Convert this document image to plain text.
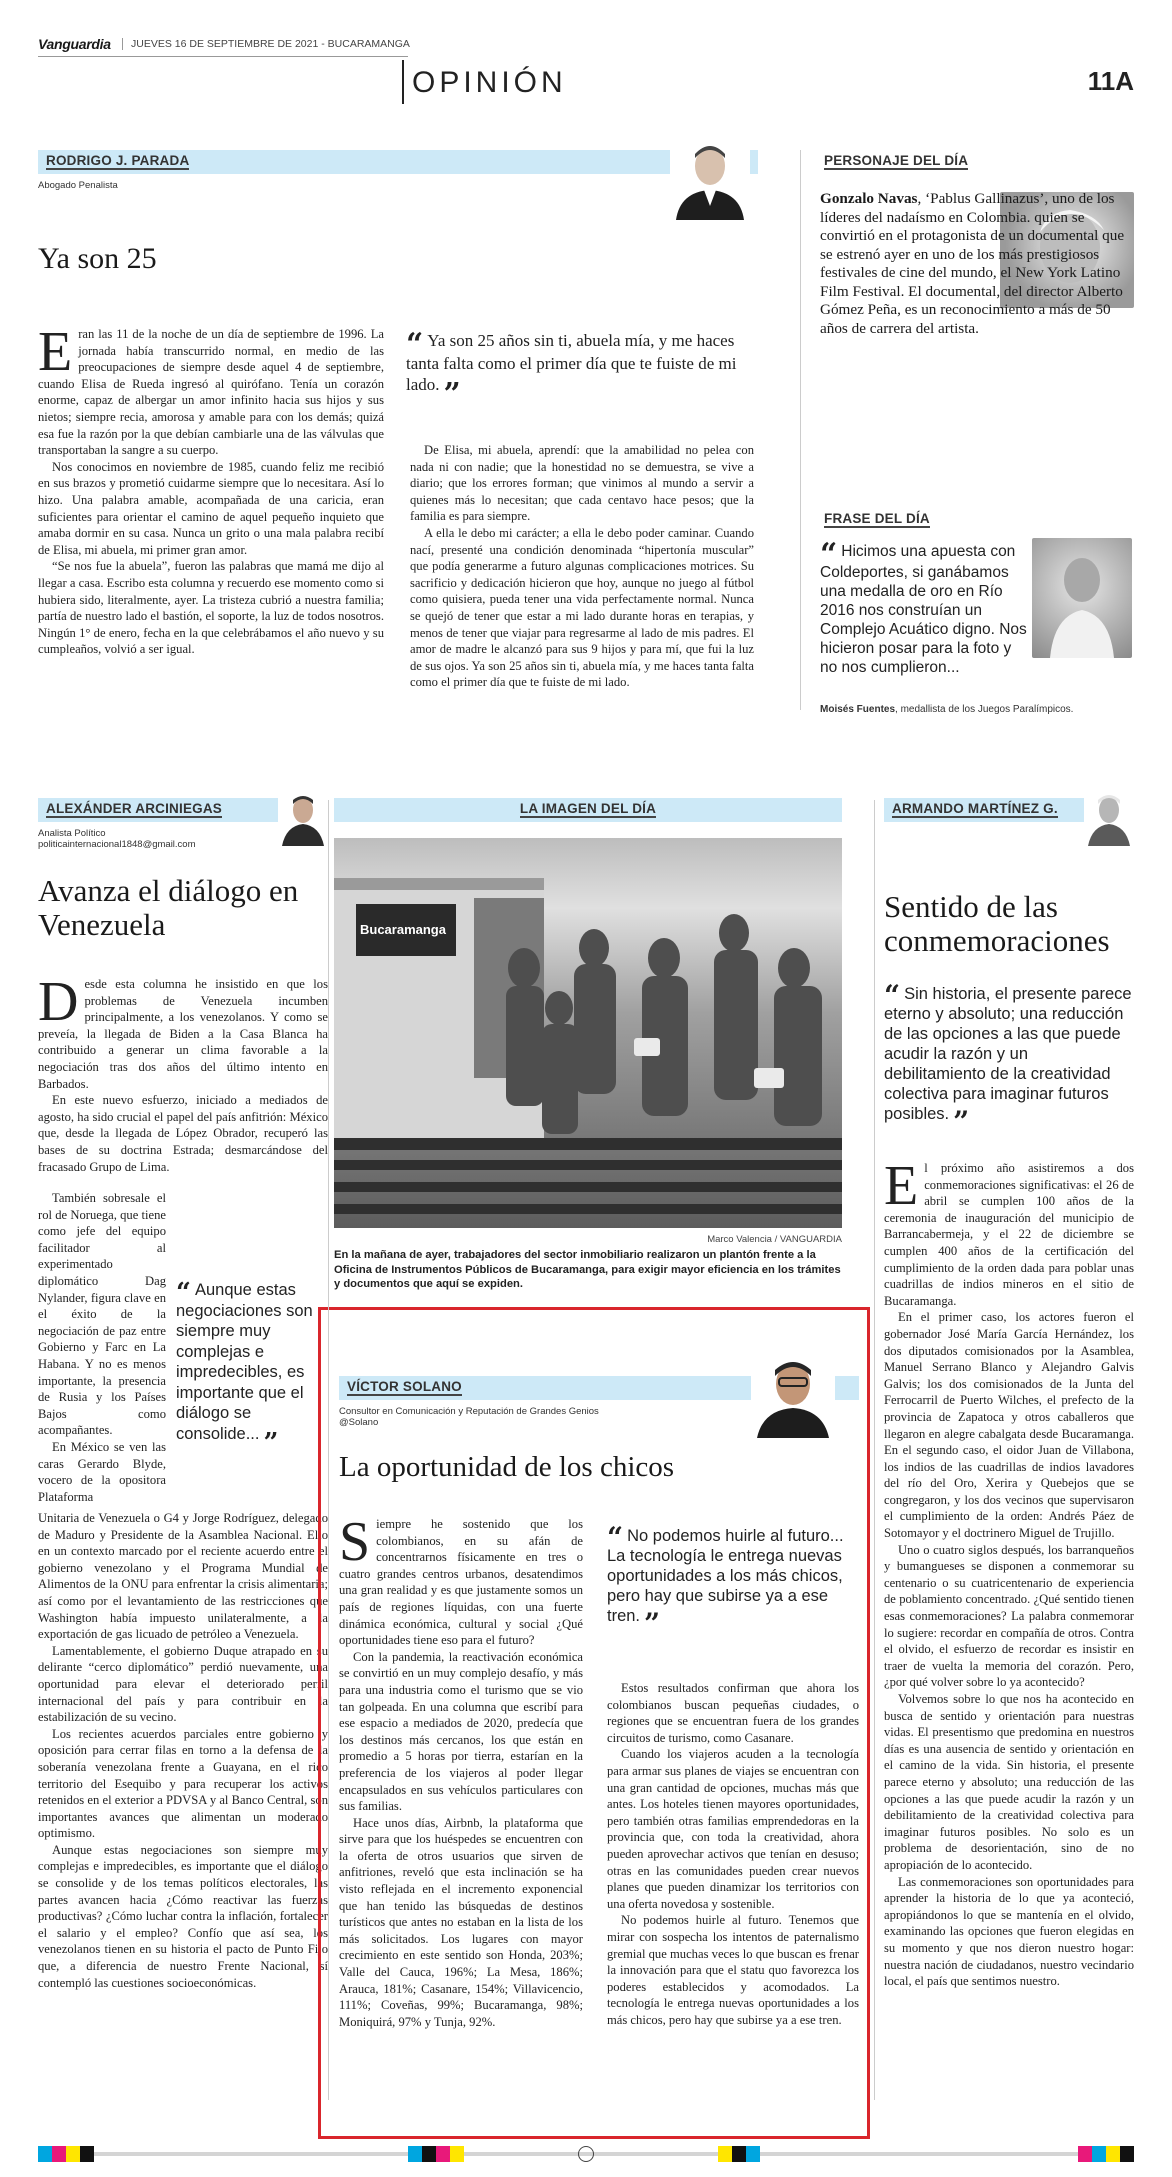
Vanguardia	JUEVES 16 DE SEPTIEMBRE DE 2021 - BUCARAMANGA
OPINIÓN	11A
RODRIGO J. PARADA
Abogado Penalista
Ya son 25

Eran las 11 de la noche de un día de septiembre de 1996. La jornada había transcurrido normal, en medio de las preocupaciones de siempre desde aquel 4 de septiembre, cuando Elisa de Rueda ingresó al quirófano. Tenía un corazón enorme, capaz de albergar un amor infinito hacia sus hijos y sus nietos; siempre recia, amorosa y amable para con los demás; quizá esa fue la razón por la que debían cambiarle una de las válvulas que transportaban la sangre a su cuerpo.

Nos conocimos en noviembre de 1985, cuando feliz me recibió en sus brazos y prometió cuidarme siempre que lo necesitara. Así lo hizo. Una palabra amable, acompañada de una caricia, eran suficientes para orientar el camino de aquel pequeño inquieto que amaba dormir en su casa. Nunca un grito o una mala palabra recibí de Elisa, mi abuela, mi primer gran amor.

“Se nos fue la abuela”, fueron las palabras que mamá me dijo al llegar a casa. Escribo esta columna y recuerdo ese momento como si hubiera sido, literalmente, ayer. La tristeza cubrió a nuestra familia; partía de nuestro lado el bastión, el soporte, la luz de todos nosotros. Ningún 1° de enero, fecha en la que celebrábamos el año nuevo y su cumpleaños, volvió a ser igual.

“ Ya son 25 años sin ti, abuela mía, y me haces tanta falta como el primer día que te fuiste de mi lado. ”

De Elisa, mi abuela, aprendí: que la amabilidad no pelea con nada ni con nadie; que la honestidad no se demuestra, se vive a diario; que los errores forman; que vinimos al mundo a servir a quienes más lo necesitan; que cada centavo hace pesos; que la familia es para siempre.

A ella le debo mi carácter; a ella le debo poder caminar. Cuando nací, presenté una condición denominada “hipertonía muscular” que podía generarme a futuro algunas complicaciones motrices. Su sacrificio y dedicación hicieron que hoy, aunque no juego al fútbol como quisiera, pueda tener una vida perfectamente normal. Nunca se quejó de tener que estar a mi lado durante horas en terapias, y menos de tener que viajar para regresarme al lado de mis padres. El amor de madre le alcanzó para sus 9 hijos y para mí, que fui la luz de sus ojos. Ya son 25 años sin ti, abuela mía, y me haces tanta falta como el primer día que te fuiste de mi lado.

PERSONAJE DEL DÍA
Gonzalo Navas, ‘Pablus Gallinazus’, uno de los líderes del nadaísmo en Colombia. quien se convirtió en el protagonista de un documental que se estrenó ayer en uno de los más prestigiosos festivales de cine del mundo, el New York Latino Film Festival. El documental, del director Alberto Gómez Peña, es un reconocimiento a más de 50 años de carrera del artista.
FRASE DEL DÍA
“ Hicimos una apuesta con Coldeportes, si ganábamos una medalla de oro en Río 2016 nos construían un Complejo Acuático digno. Nos hicieron posar para la foto y no nos cumplieron...
Moisés Fuentes, medallista de los Juegos Paralímpicos.
ALEXÁNDER ARCINIEGAS
Analista Político
politicainternacional1848@gmail.com
Avanza el diálogo en Venezuela

Desde esta columna he insistido en que los problemas de Venezuela incumben principalmente, a los venezolanos. Y como se preveía, la llegada de Biden a la Casa Blanca ha contribuido a generar un clima favorable a la negociación tras dos años del último intento en Barbados.

En este nuevo esfuerzo, iniciado a mediados de agosto, ha sido crucial el papel del país anfitrión: México que, desde la llegada de López Obrador, recuperó las bases de su doctrina Estrada; desmarcándose del fracasado Grupo de Lima.

También sobresale el rol de Noruega, que tiene como jefe del equipo facilitador al experimentado diplomático Dag Nylander, figura clave en el éxito de la negociación de paz entre Gobierno y Farc en La Habana. Y no es menos importante, la presencia de Rusia y los Países Bajos como acompañantes.

En México se ven las caras Gerardo Blyde, vocero de la opositora Plataforma

“ Aunque estas negociaciones son siempre muy complejas e impredecibles, es importante que el diálogo se consolide... ”

Unitaria de Venezuela o G4 y Jorge Rodríguez, delegado de Maduro y Presidente de la Asamblea Nacional. Ello en un contexto marcado por el reciente acuerdo entre el gobierno venezolano y el Programa Mundial de Alimentos de la ONU para enfrentar la crisis alimentaria; así como por el levantamiento de las restricciones que Washington había impuesto unilateralmente, a la exportación de gas licuado de petróleo a Venezuela.

Lamentablemente, el gobierno Duque atrapado en su delirante “cerco diplomático” perdió nuevamente, una oportunidad para elevar el deteriorado perfil internacional del país y para contribuir en la estabilización de su vecino.

Los recientes acuerdos parciales entre gobierno y oposición para cerrar filas en torno a la defensa de la soberanía venezolana frente a Guayana, en el rico territorio del Esequibo y para recuperar los activos retenidos en el exterior a PDVSA y al Banco Central, son importantes avances que alimentan un moderado optimismo.

Aunque estas negociaciones son siempre muy complejas e impredecibles, es importante que el diálogo se consolide y de los temas políticos electorales, las partes avancen hacia ¿Cómo reactivar las fuerzas productivas? ¿Cómo luchar contra la inflación, fortalecer el salario y el empleo? Confío que así sea, los venezolanos tienen en su historia el pacto de Punto Fijo que, a diferencia de nuestro Frente Nacional, sí contempló las cuestiones socioeconómicas.

LA IMAGEN DEL DÍA
Bucaramanga
Marco Valencia / VANGUARDIA
En la mañana de ayer, trabajadores del sector inmobiliario realizaron un plantón frente a la Oficina de Instrumentos Públicos de Bucaramanga, para exigir mayor eficiencia en los trámites y documentos que aquí se expiden.
VÍCTOR SOLANO
Consultor en Comunicación y Reputación de Grandes Genios
@Solano
La oportunidad de los chicos

Siempre he sostenido que los colombianos, en su afán de concentrarnos físicamente en tres o cuatro grandes centros urbanos, desatendimos una gran realidad y es que justamente somos un país de regiones líquidas, con una fuerte dinámica económica, cultural y social ¿Qué oportunidades tiene eso para el futuro?

Con la pandemia, la reactivación económica se convirtió en un muy complejo desafío, y más para una industria como el turismo que se vio tan golpeada. En una columna que escribí para ese espacio a mediados de 2020, predecía que los destinos más cercanos, los que están en promedio a 5 horas por tierra, estarían en la preferencia de los viajeros al poder llegar encapsulados en sus vehículos particulares con sus familias.

Hace unos días, Airbnb, la plataforma que sirve para que los huéspedes se encuentren con la oferta de otros usuarios que sirven de anfitriones, reveló que esta inclinación se ha visto reflejada en el incremento exponencial que han tenido las búsquedas de destinos turísticos que antes no estaban en la lista de los más solicitados. Los lugares con mayor crecimiento en este sentido son Honda, 203%; Valle del Cauca, 196%; La Mesa, 186%; Arauca, 181%; Casanare, 154%; Villavicencio, 111%; Coveñas, 99%; Bucaramanga, 98%; Moniquirá, 97% y Tunja, 92%.

“ No podemos huirle al futuro... La tecnología le entrega nuevas oportunidades a los más chicos, pero hay que subirse ya a ese tren. ”

Estos resultados confirman que ahora los colombianos buscan pequeñas ciudades, o regiones que se encuentran fuera de los grandes circuitos de turismo, como Casanare.

Cuando los viajeros acuden a la tecnología para armar sus planes de viajes se encuentran con una gran cantidad de opciones, muchas más que antes. Los hoteles tienen mayores oportunidades, pero también otras familias emprendedoras en la provincia que, con toda la creatividad, ahora pueden aprovechar activos que tenían en desuso; otras en las comunidades pueden crear nuevos planes que pueden dinamizar los territorios con una oferta novedosa y sostenible.

No podemos huirle al futuro. Tenemos que mirar con sospecha los intentos de paternalismo gremial que muchas veces lo que buscan es frenar la innovación para que el statu quo favorezca los poderes establecidos y acomodados. La tecnología le entrega nuevas oportunidades a los más chicos, pero hay que subirse ya a ese tren.

ARMANDO MARTÍNEZ G.
Sentido de las conmemoraciones
“ Sin historia, el presente parece eterno y absoluto; una reducción de las opciones a las que puede acudir la razón y un debilitamiento de la creatividad colectiva para imaginar futuros posibles. ”

El próximo año asistiremos a dos conmemoraciones significativas: el 26 de abril se cumplen 100 años de la ceremonia de inauguración del municipio de Barrancabermeja, y el 22 de diciembre se cumplen 400 años de la certificación del cumplimiento de la orden dada para poblar unas cuadrillas de indios mineros en el sitio de Bucaramanga.

En el primer caso, los actores fueron el gobernador José María García Hernández, los dos diputados comisionados por la Asamblea, Manuel Serrano Blanco y Alejandro Galvis Galvis; los dos comisionados de la Junta del Ferrocarril de Puerto Wilches, el prefecto de la provincia de Zapatoca y otros caballeros que llegaron en alegre cabalgata desde Bucaramanga. En el segundo caso, el oidor Juan de Villabona, los indios de las cuadrillas de indios lavadores del río del Oro, Xerira y Quebejos que se congregaron, y los dos vecinos que supervisaron el cumplimiento de la orden: Andrés Páez de Sotomayor y el doctrinero Miguel de Trujillo.

Uno o cuatro siglos después, los barranqueños y bumangueses se disponen a conmemorar su centenario o su cuatricentenario de experiencia de poblamiento concentrado. ¿Qué sentido tienen esas conmemoraciones? La palabra conmemorar lo sugiere: recordar en compañía de otros. Contra el olvido, el esfuerzo de recordar es insistir en traer de vuelta la memoria del corazón. Pero, ¿por qué volver sobre lo ya acontecido?

Volvemos sobre lo que nos ha acontecido en busca de sentido y orientación para nuestras vidas. El presentismo que predomina en nuestros días es una ausencia de sentido y orientación en el camino de la vida. Sin historia, el presente parece eterno y absoluto; una reducción de las opciones a las que puede acudir la razón y un debilitamiento de la creatividad colectiva para imaginar futuros posibles. No solo es un problema de desorientación, sino de no apropiación de lo acontecido.

Las conmemoraciones son oportunidades para aprender la historia de lo que ya aconteció, apropiándonos lo que se mantenía en el olvido, examinando las opciones que fueron elegidas en su momento y que nos dieron nuestro hogar: nuestra nación de ciudadanos, nuestro vecindario local, el país que sentimos nuestro.
